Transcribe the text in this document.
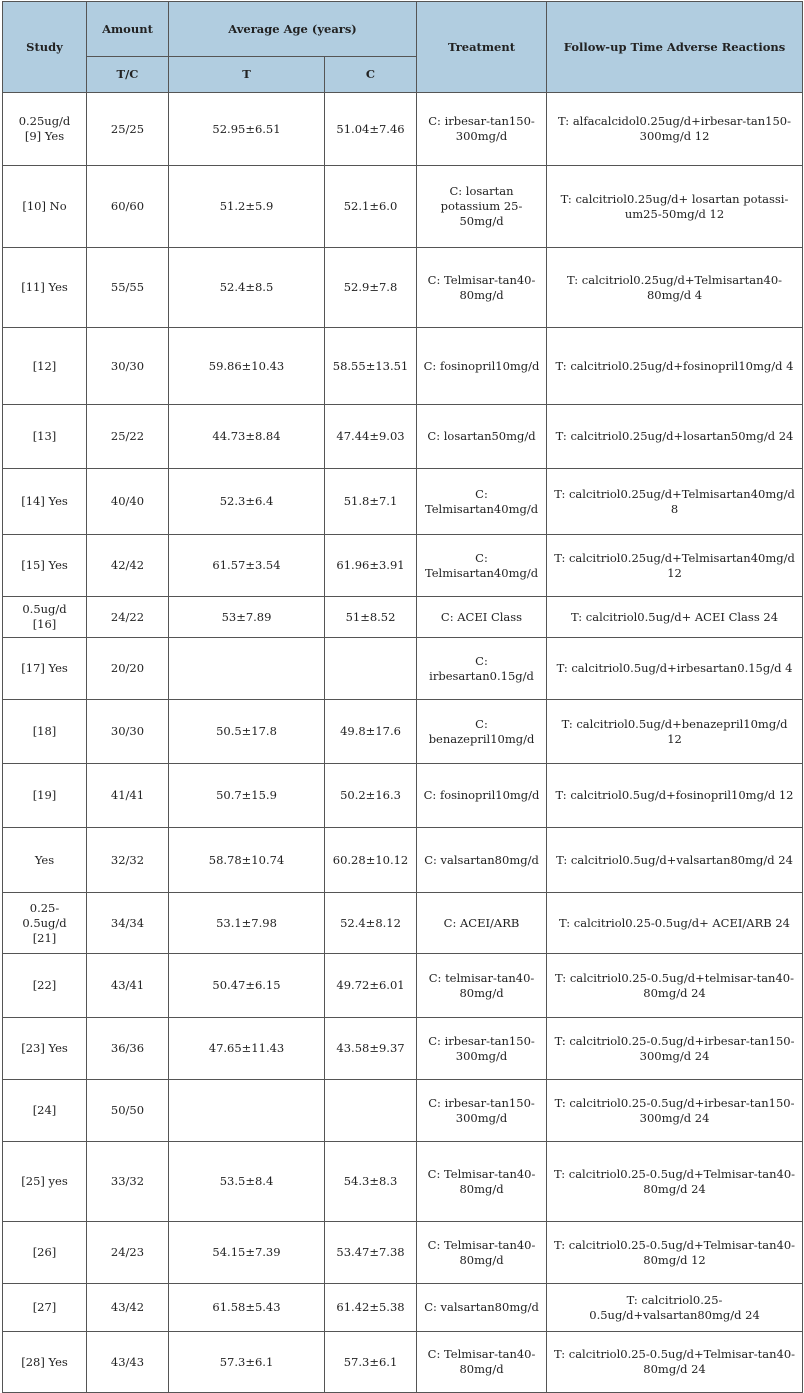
Study	Amount	Average Age (years)		Treatment	Follow-up Time Adverse Reactions
	T/C	T	C		
0.25ug/d [9] Yes	25/25	52.95±6.51	51.04±7.46	C: irbesar-tan150-300mg/d	T: alfacalcidol0.25ug/d+irbesar-tan150-300mg/d 12
[10] No	60/60	51.2±5.9	52.1±6.0	C: losartan potassium 25-50mg/d	T: calcitriol0.25ug/d+ losartan potassi-um25-50mg/d 12
[11] Yes	55/55	52.4±8.5	52.9±7.8	C: Telmisar-tan40-80mg/d	T: calcitriol0.25ug/d+Telmisartan40-80mg/d 4
[12]	30/30	59.86±10.43	58.55±13.51	C: fosinopril10mg/d	T: calcitriol0.25ug/d+fosinopril10mg/d 4
[13]	25/22	44.73±8.84	47.44±9.03	C: losartan50mg/d	T: calcitriol0.25ug/d+losartan50mg/d 24
[14] Yes	40/40	52.3±6.4	51.8±7.1	C: Telmisartan40mg/d	T: calcitriol0.25ug/d+Telmisartan40mg/d 8
[15] Yes	42/42	61.57±3.54	61.96±3.91	C: Telmisartan40mg/d	T: calcitriol0.25ug/d+Telmisartan40mg/d 12
0.5ug/d [16]	24/22	53±7.89	51±8.52	C: ACEI Class	T: calcitriol0.5ug/d+ ACEI Class 24
[17] Yes	20/20			C: irbesartan0.15g/d	T: calcitriol0.5ug/d+irbesartan0.15g/d 4
[18]	30/30	50.5±17.8	49.8±17.6	C: benazepril10mg/d	T: calcitriol0.5ug/d+benazepril10mg/d 12
[19]	41/41	50.7±15.9	50.2±16.3	C: fosinopril10mg/d	T: calcitriol0.5ug/d+fosinopril10mg/d 12
Yes	32/32	58.78±10.74	60.28±10.12	C: valsartan80mg/d	T: calcitriol0.5ug/d+valsartan80mg/d 24
0.25-0.5ug/d [21]	34/34	53.1±7.98	52.4±8.12	C: ACEI/ARB	T: calcitriol0.25-0.5ug/d+ ACEI/ARB 24
[22]	43/41	50.47±6.15	49.72±6.01	C: telmisar-tan40-80mg/d	T: calcitriol0.25-0.5ug/d+telmisar-tan40-80mg/d 24
[23] Yes	36/36	47.65±11.43	43.58±9.37	C: irbesar-tan150-300mg/d	T: calcitriol0.25-0.5ug/d+irbesar-tan150-300mg/d 24
[24]	50/50			C: irbesar-tan150-300mg/d	T: calcitriol0.25-0.5ug/d+irbesar-tan150-300mg/d 24
[25] yes	33/32	53.5±8.4	54.3±8.3	C: Telmisar-tan40-80mg/d	T: calcitriol0.25-0.5ug/d+Telmisar-tan40-80mg/d 24
[26]	24/23	54.15±7.39	53.47±7.38	C: Telmisar-tan40-80mg/d	T: calcitriol0.25-0.5ug/d+Telmisar-tan40-80mg/d 12
[27]	43/42	61.58±5.43	61.42±5.38	C: valsartan80mg/d	T: calcitriol0.25-0.5ug/d+valsartan80mg/d 24
[28] Yes	43/43	57.3±6.1	57.3±6.1	C: Telmisar-tan40-80mg/d	T: calcitriol0.25-0.5ug/d+Telmisar-tan40-80mg/d 24
